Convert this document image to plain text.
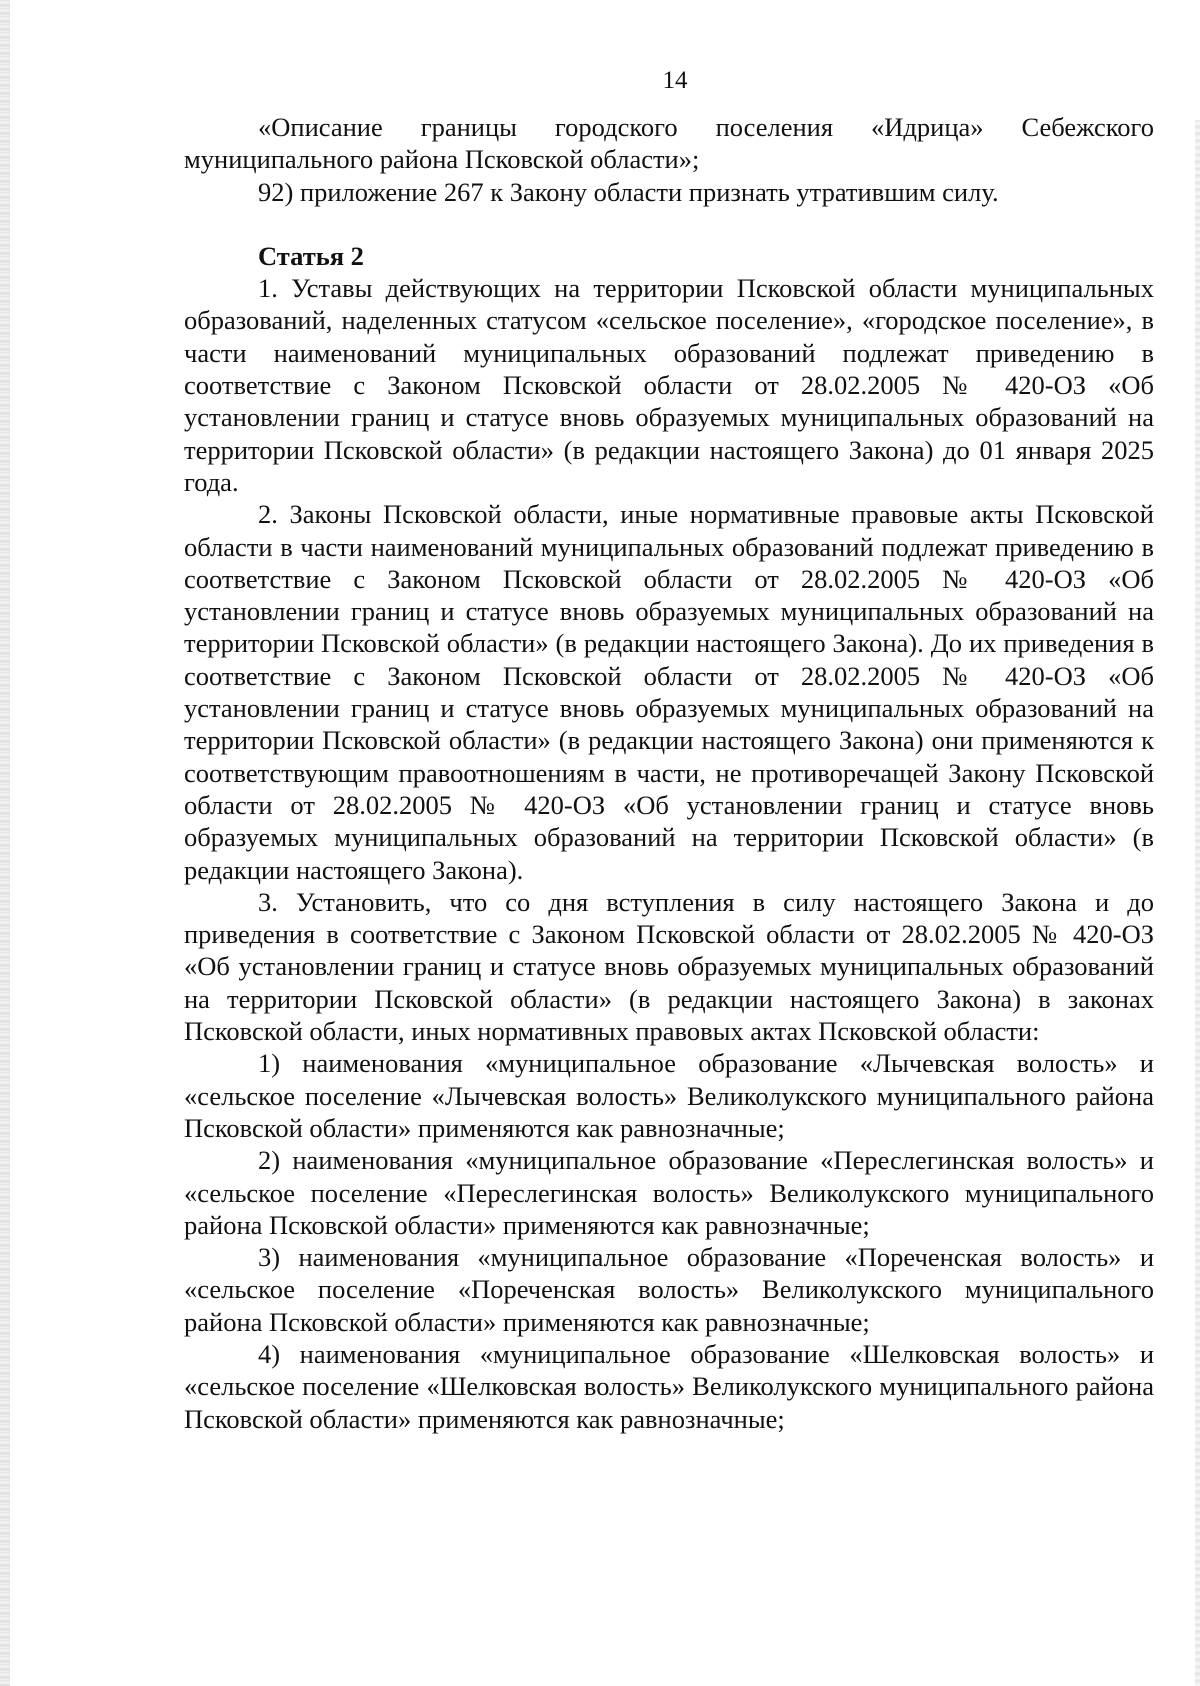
14

«Описание границы городского поселения «Идрица» Себежского муниципального района Псковской области»;

92) приложение 267 к Закону области признать утратившим силу.

Статья 2

1. Уставы действующих на территории Псковской области муниципальных образований, наделенных статусом «сельское поселение», «городское поселение», в части наименований муниципальных образований подлежат приведению в соответствие с Законом Псковской области от 28.02.2005 № 420-ОЗ «Об установлении границ и статусе вновь образуемых муниципальных образований на территории Псковской области» (в редакции настоящего Закона) до 01 января 2025 года.

2. Законы Псковской области, иные нормативные правовые акты Псковской области в части наименований муниципальных образований подлежат приведению в соответствие с Законом Псковской области от 28.02.2005 № 420-ОЗ «Об установлении границ и статусе вновь образуемых муниципальных образований на территории Псковской области» (в редакции настоящего Закона). До их приведения в соответствие с Законом Псковской области от 28.02.2005 № 420-ОЗ «Об установлении границ и статусе вновь образуемых муниципальных образований на территории Псковской области» (в редакции настоящего Закона) они применяются к соответствующим правоотношениям в части, не противоречащей Закону Псковской области от 28.02.2005 № 420-ОЗ «Об установлении границ и статусе вновь образуемых муниципальных образований на территории Псковской области» (в редакции настоящего Закона).

3. Установить, что со дня вступления в силу настоящего Закона и до приведения в соответствие с Законом Псковской области от 28.02.2005 № 420-ОЗ «Об установлении границ и статусе вновь образуемых муниципальных образований на территории Псковской области» (в редакции настоящего Закона) в законах Псковской области, иных нормативных правовых актах Псковской области:

1) наименования «муниципальное образование «Лычевская волость» и «сельское поселение «Лычевская волость» Великолукского муниципального района Псковской области» применяются как равнозначные;

2) наименования «муниципальное образование «Переслегинская волость» и «сельское поселение «Переслегинская волость» Великолукского муниципального района Псковской области» применяются как равнозначные;

3) наименования «муниципальное образование «Пореченская волость» и «сельское поселение «Пореченская волость» Великолукского муниципального района Псковской области» применяются как равнозначные;

4) наименования «муниципальное образование «Шелковская волость» и «сельское поселение «Шелковская волость» Великолукского муниципального района Псковской области» применяются как равнозначные;
